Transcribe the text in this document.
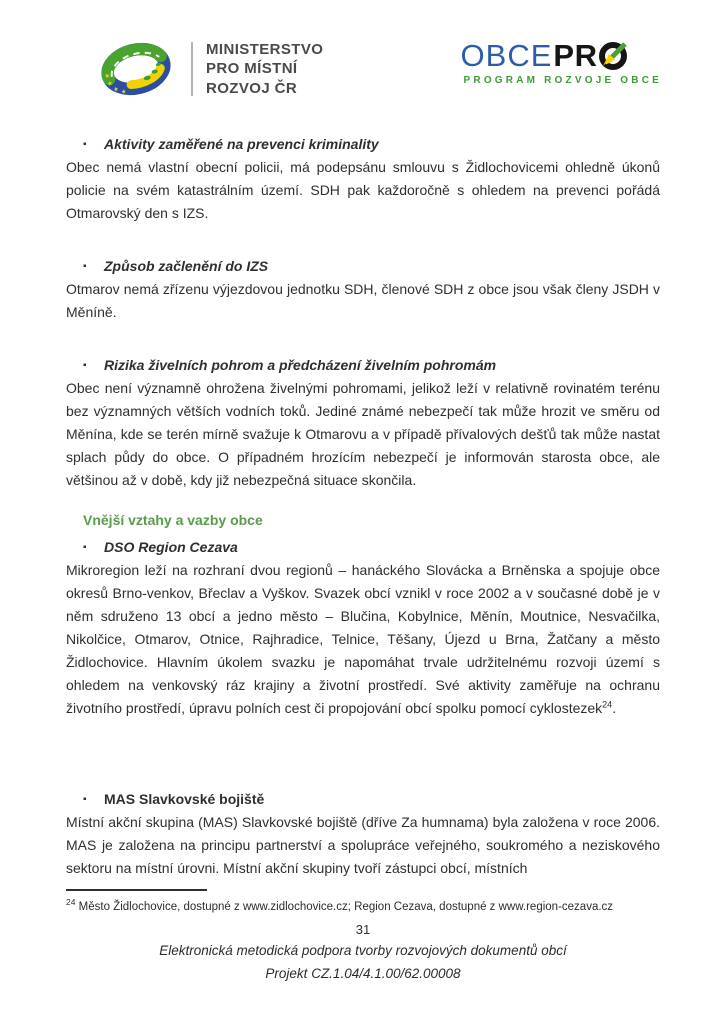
★
★
★ ★
MINISTERSTVO
PRO MÍSTNÍ
ROZVOJ ČR
OBCE PR
PROGRAM ROZVOJE OBCE
▪	Aktivity zaměřené na prevenci kriminality

Obec nemá vlastní obecní policii, má podepsánu smlouvu s Židlochovicemi ohledně úkonů policie na svém katastrálním území. SDH pak každoročně s ohledem na prevenci pořádá Otmarovský den s IZS.

▪	Způsob začlenění do IZS

Otmarov nemá zřízenu výjezdovou jednotku SDH, členové SDH z obce jsou však členy JSDH v Měníně.

▪	Rizika živelních pohrom a předcházení živelním pohromám

Obec není významně ohrožena živelnými pohromami, jelikož leží v relativně rovinatém terénu bez významných větších vodních toků. Jediné známé nebezpečí tak může hrozit ve směru od Měnína, kde se terén mírně svažuje k Otmarovu a v případě přívalových dešťů tak může nastat splach půdy do obce. O případném hrozícím nebezpečí je informován starosta obce, ale většinou až v době, kdy již nebezpečná situace skončila.

Vnější vztahy a vazby obce
▪	DSO Region Cezava

Mikroregion leží na rozhraní dvou regionů – hanáckého Slovácka a Brněnska a spojuje obce okresů Brno-venkov, Břeclav a Vyškov. Svazek obcí vznikl v roce 2002 a v současné době je v něm sdruženo 13 obcí a jedno město – Blučina, Kobylnice, Měnín, Moutnice, Nesvačilka, Nikolčice, Otmarov, Otnice, Rajhradice, Telnice, Těšany, Újezd u Brna, Žatčany a město Židlochovice. Hlavním úkolem svazku je napomáhat trvale udržitelnému rozvoji území s ohledem na venkovský ráz krajiny a životní prostředí. Své aktivity zaměřuje na ochranu životního prostředí, úpravu polních cest či propojování obcí spolku pomocí cyklostezek$^{24}$.

▪	MAS Slavkovské bojiště

Místní akční skupina (MAS) Slavkovské bojiště (dříve Za humnama) byla založena v roce 2006. MAS je založena na principu partnerství a spolupráce veřejného, soukromého a neziskového sektoru na místní úrovni. Místní akční skupiny tvoří zástupci obcí, místních

$^{24}$ Město Židlochovice, dostupné z www.zidlochovice.cz; Region Cezava, dostupné z www.region-cezava.cz

31
Elektronická metodická podpora tvorby rozvojových dokumentů obcí
Projekt CZ.1.04/4.1.00/62.00008
